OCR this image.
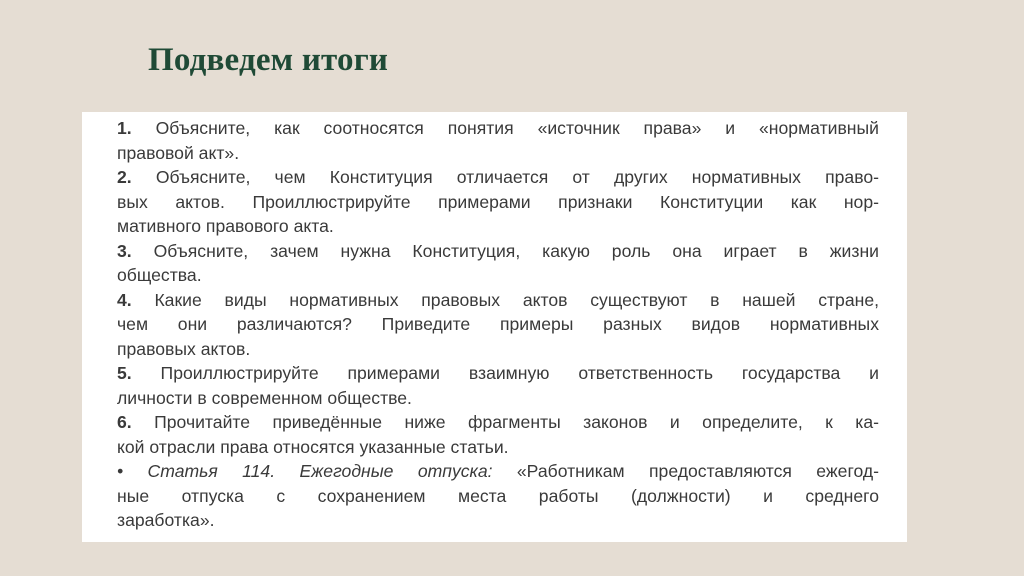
Подведем итоги
1. Объясните, как соотносятся понятия «источник права» и «нормативный
правовой акт».
2. Объясните, чем Конституция отличается от других нормативных право-
вых актов. Проиллюстрируйте примерами признаки Конституции как нор-
мативного правового акта.
3. Объясните, зачем нужна Конституция, какую роль она играет в жизни
общества.
4. Какие виды нормативных правовых актов существуют в нашей стране,
чем они различаются? Приведите примеры разных видов нормативных
правовых актов.
5. Проиллюстрируйте примерами взаимную ответственность государства и
личности в современном обществе.
6. Прочитайте приведённые ниже фрагменты законов и определите, к ка-
кой отрасли права относятся указанные статьи.
• Статья 114. Ежегодные отпуска: «Работникам предоставляются ежегод-
ные отпуска с сохранением места работы (должности) и среднего
заработка».
